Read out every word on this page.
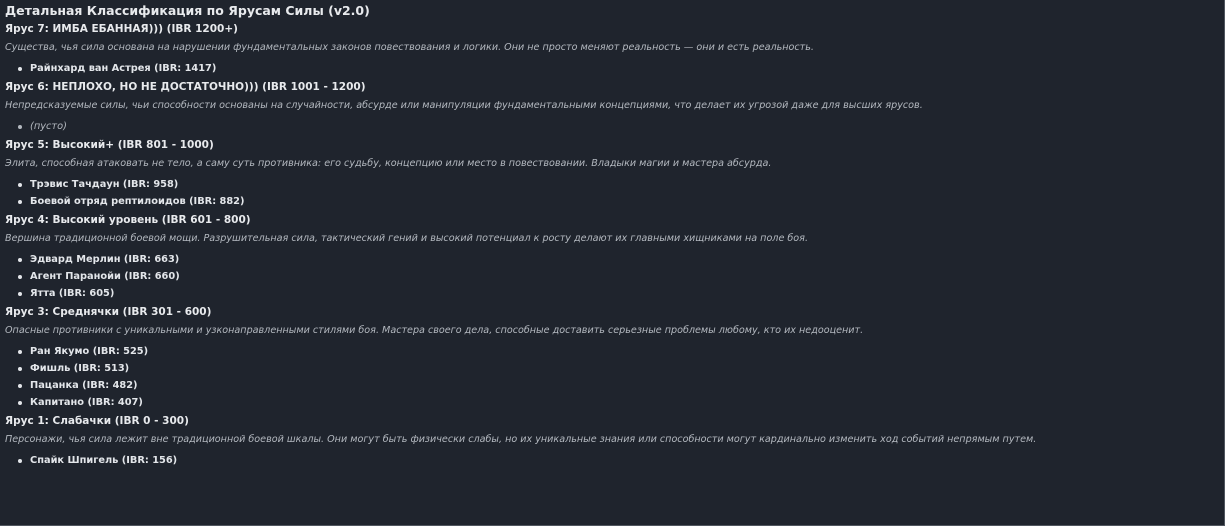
Детальная Классификация по Ярусам Силы (v2.0)
Ярус 7: ИМБА ЕБАННАЯ))) (IBR 1200+)

Существа, чья сила основана на нарушении фундаментальных законов повествования и логики. Они не просто меняют реальность — они и есть реальность.

Райнхард ван Астрея (IBR: 1417)
Ярус 6: НЕПЛОХО, НО НЕ ДОСТАТОЧНО))) (IBR 1001 - 1200)

Непредсказуемые силы, чьи способности основаны на случайности, абсурде или манипуляции фундаментальными концепциями, что делает их угрозой даже для высших ярусов.

(пусто)
Ярус 5: Высокий+ (IBR 801 - 1000)

Элита, способная атаковать не тело, а саму суть противника: его судьбу, концепцию или место в повествовании. Владыки магии и мастера абсурда.

Трэвис Тачдаун (IBR: 958)
Боевой отряд рептилоидов (IBR: 882)
Ярус 4: Высокий уровень (IBR 601 - 800)

Вершина традиционной боевой мощи. Разрушительная сила, тактический гений и высокий потенциал к росту делают их главными хищниками на поле боя.

Эдвард Мерлин (IBR: 663)
Агент Паранойи (IBR: 660)
Ятта (IBR: 605)
Ярус 3: Среднячки (IBR 301 - 600)

Опасные противники с уникальными и узконаправленными стилями боя. Мастера своего дела, способные доставить серьезные проблемы любому, кто их недооценит.

Ран Якумо (IBR: 525)
Фишль (IBR: 513)
Пацанка (IBR: 482)
Капитано (IBR: 407)
Ярус 1: Слабачки (IBR 0 - 300)

Персонажи, чья сила лежит вне традиционной боевой шкалы. Они могут быть физически слабы, но их уникальные знания или способности могут кардинально изменить ход событий непрямым путем.

Спайк Шпигель (IBR: 156)
